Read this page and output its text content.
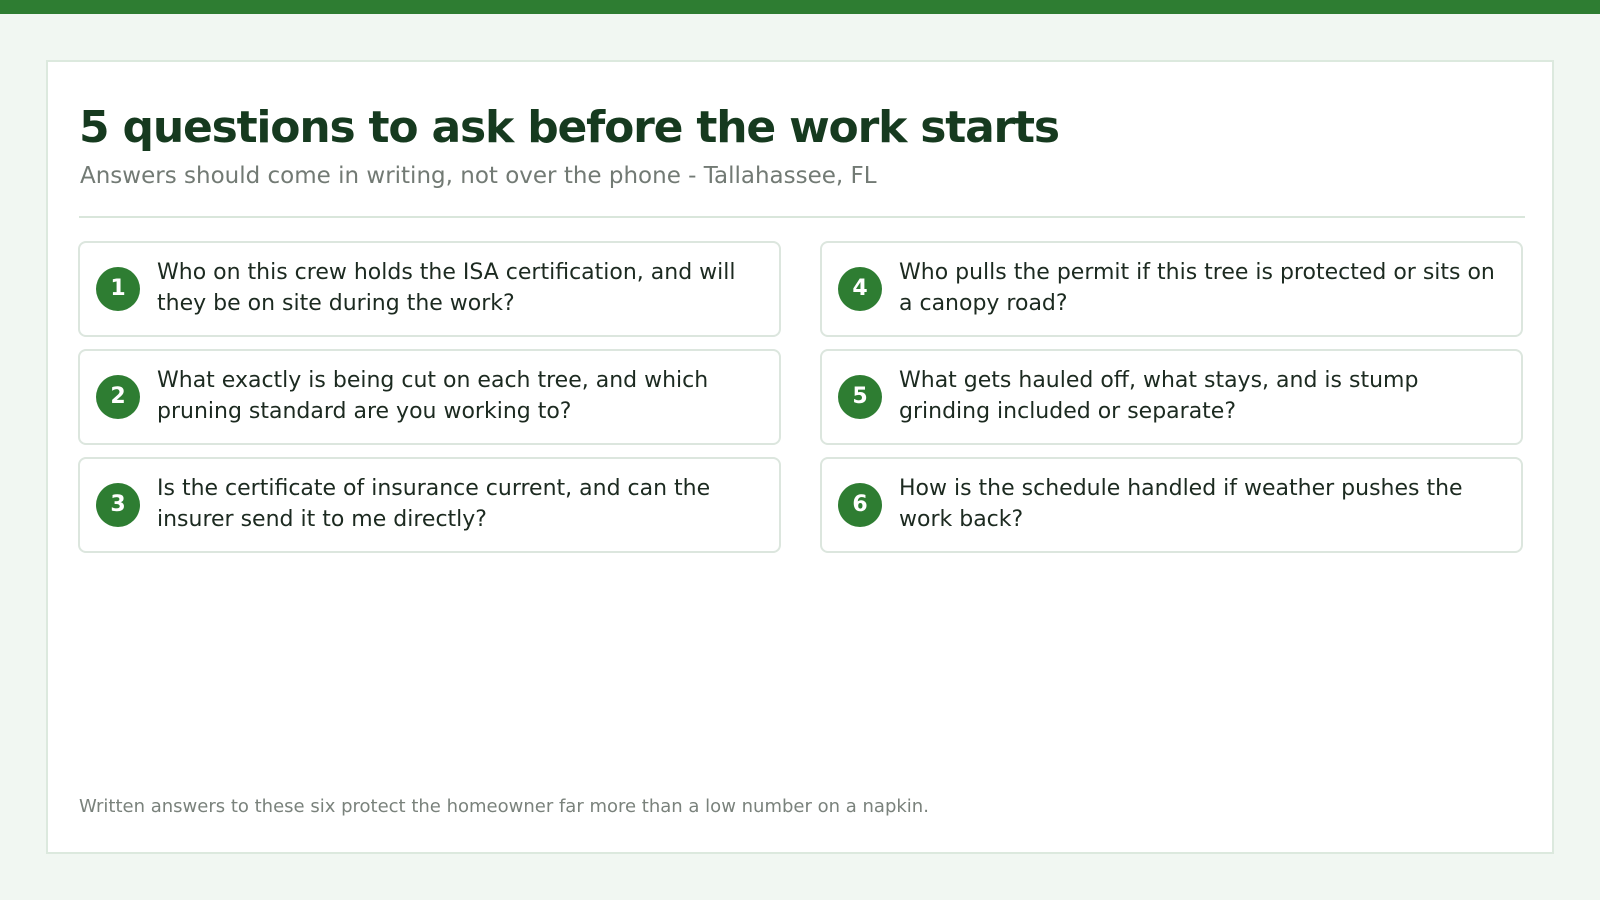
5 questions to ask before the work starts
Answers should come in writing, not over the phone - Tallahassee, FL
1
Who on this crew holds the ISA certification, and will they be on site during the work?
2
What exactly is being cut on each tree, and which pruning standard are you working to?
3
Is the certificate of insurance current, and can the insurer send it to me directly?
4
Who pulls the permit if this tree is protected or sits on a canopy road?
5
What gets hauled off, what stays, and is stump grinding included or separate?
6
How is the schedule handled if weather pushes the work back?
Written answers to these six protect the homeowner far more than a low number on a napkin.
